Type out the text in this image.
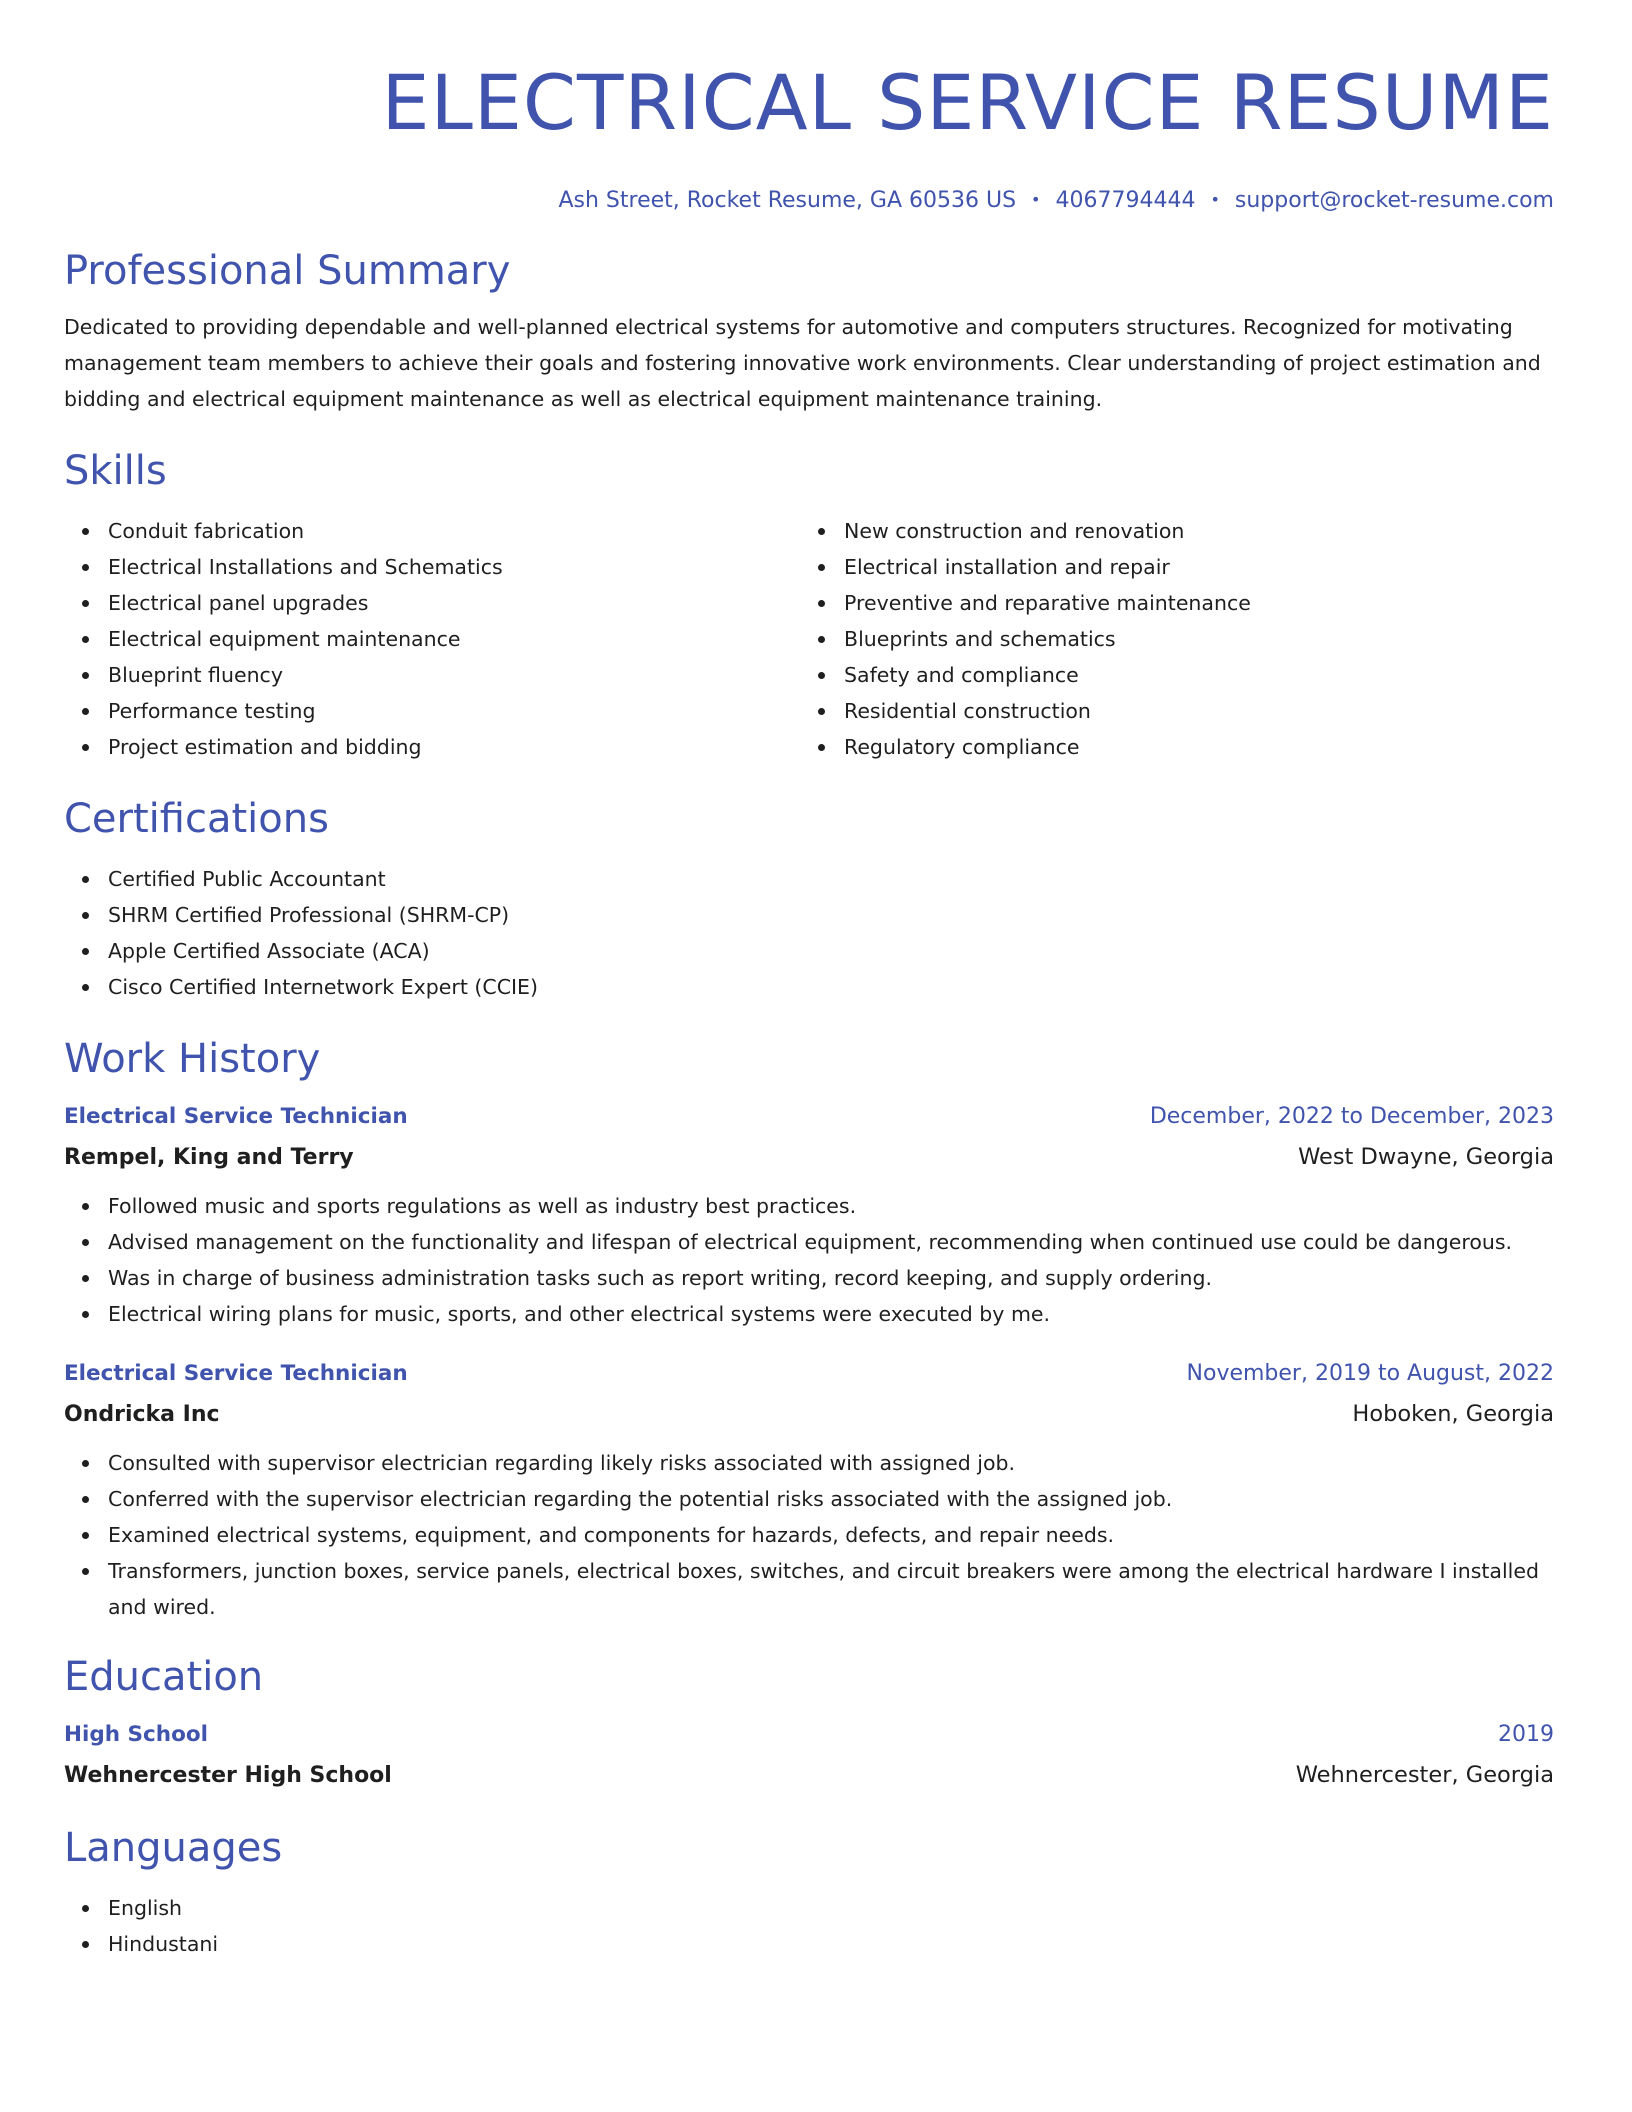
ELECTRICAL SERVICE RESUME
Ash Street, Rocket Resume, GA 60536 US • 4067794444 • support@rocket-resume.com
Professional Summary
Dedicated to providing dependable and well-planned electrical systems for automotive and computers structures. Recognized for motivating management team members to achieve their goals and fostering innovative work environments. Clear understanding of project estimation and bidding and electrical equipment maintenance as well as electrical equipment maintenance training.
Skills
Conduit fabrication
Electrical Installations and Schematics
Electrical panel upgrades
Electrical equipment maintenance
Blueprint fluency
Performance testing
Project estimation and bidding
New construction and renovation
Electrical installation and repair
Preventive and reparative maintenance
Blueprints and schematics
Safety and compliance
Residential construction
Regulatory compliance
Certifications
Certified Public Accountant
SHRM Certified Professional (SHRM-CP)
Apple Certified Associate (ACA)
Cisco Certified Internetwork Expert (CCIE)
Work History
Electrical Service Technician	December, 2022 to December, 2023
Rempel, King and Terry	West Dwayne, Georgia
Followed music and sports regulations as well as industry best practices.
Advised management on the functionality and lifespan of electrical equipment, recommending when continued use could be dangerous.
Was in charge of business administration tasks such as report writing, record keeping, and supply ordering.
Electrical wiring plans for music, sports, and other electrical systems were executed by me.
Electrical Service Technician	November, 2019 to August, 2022
Ondricka Inc	Hoboken, Georgia
Consulted with supervisor electrician regarding likely risks associated with assigned job.
Conferred with the supervisor electrician regarding the potential risks associated with the assigned job.
Examined electrical systems, equipment, and components for hazards, defects, and repair needs.
Transformers, junction boxes, service panels, electrical boxes, switches, and circuit breakers were among the electrical hardware I installed and wired.
Education
High School	2019
Wehnercester High School	Wehnercester, Georgia
Languages
English
Hindustani
